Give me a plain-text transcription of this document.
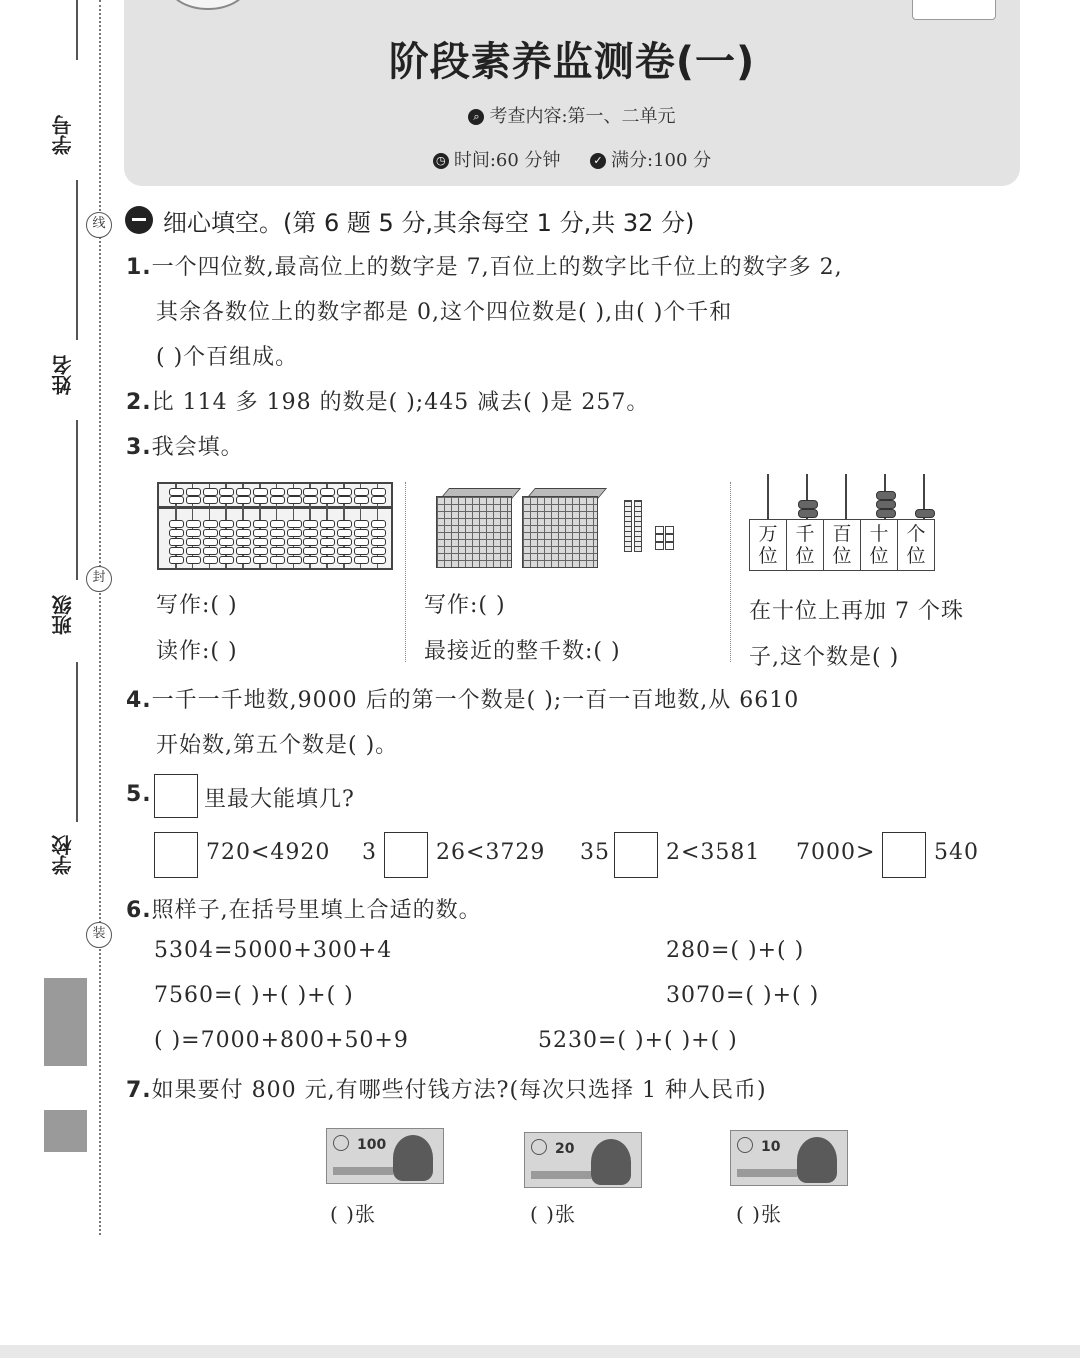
学号
线
姓名
封
班级
学校
装
阶段素养监测卷(一)
⌕ 考查内容:第一、二单元
◷ 时间:60 分钟	✓ 满分:100 分
细心填空。(第 6 题 5 分,其余每空 1 分,共 32 分)
1.一个四位数,最高位上的数字是 7,百位上的数字比千位上的数字多 2,
其余各数位上的数字都是 0,这个四位数是( ),由( )个千和
( )个百组成。
2.比 114 多 198 的数是( );445 减去( )是 257。
3.我会填。
万位	千位	百位	十位	个位
写作:( )
读作:( )
写作:( )
最接近的整千数:( )
在十位上再加 7 个珠
子,这个数是( )
4.一千一千地数,9000 后的第一个数是( );一百一百地数,从 6610
开始数,第五个数是( )。
5. 里最大能填几?
720<4920 3	26<3729 35	2<3581 7000>	540
6.照样子,在括号里填上合适的数。
5304=5000+300+4	280=( )+( )
7560=( )+( )+( )	3070=( )+( )
( )=7000+800+50+9	5230=( )+( )+( )
7.如果要付 800 元,有哪些付钱方法?(每次只选择 1 种人民币)
100	20	10
( )张	( )张	( )张
